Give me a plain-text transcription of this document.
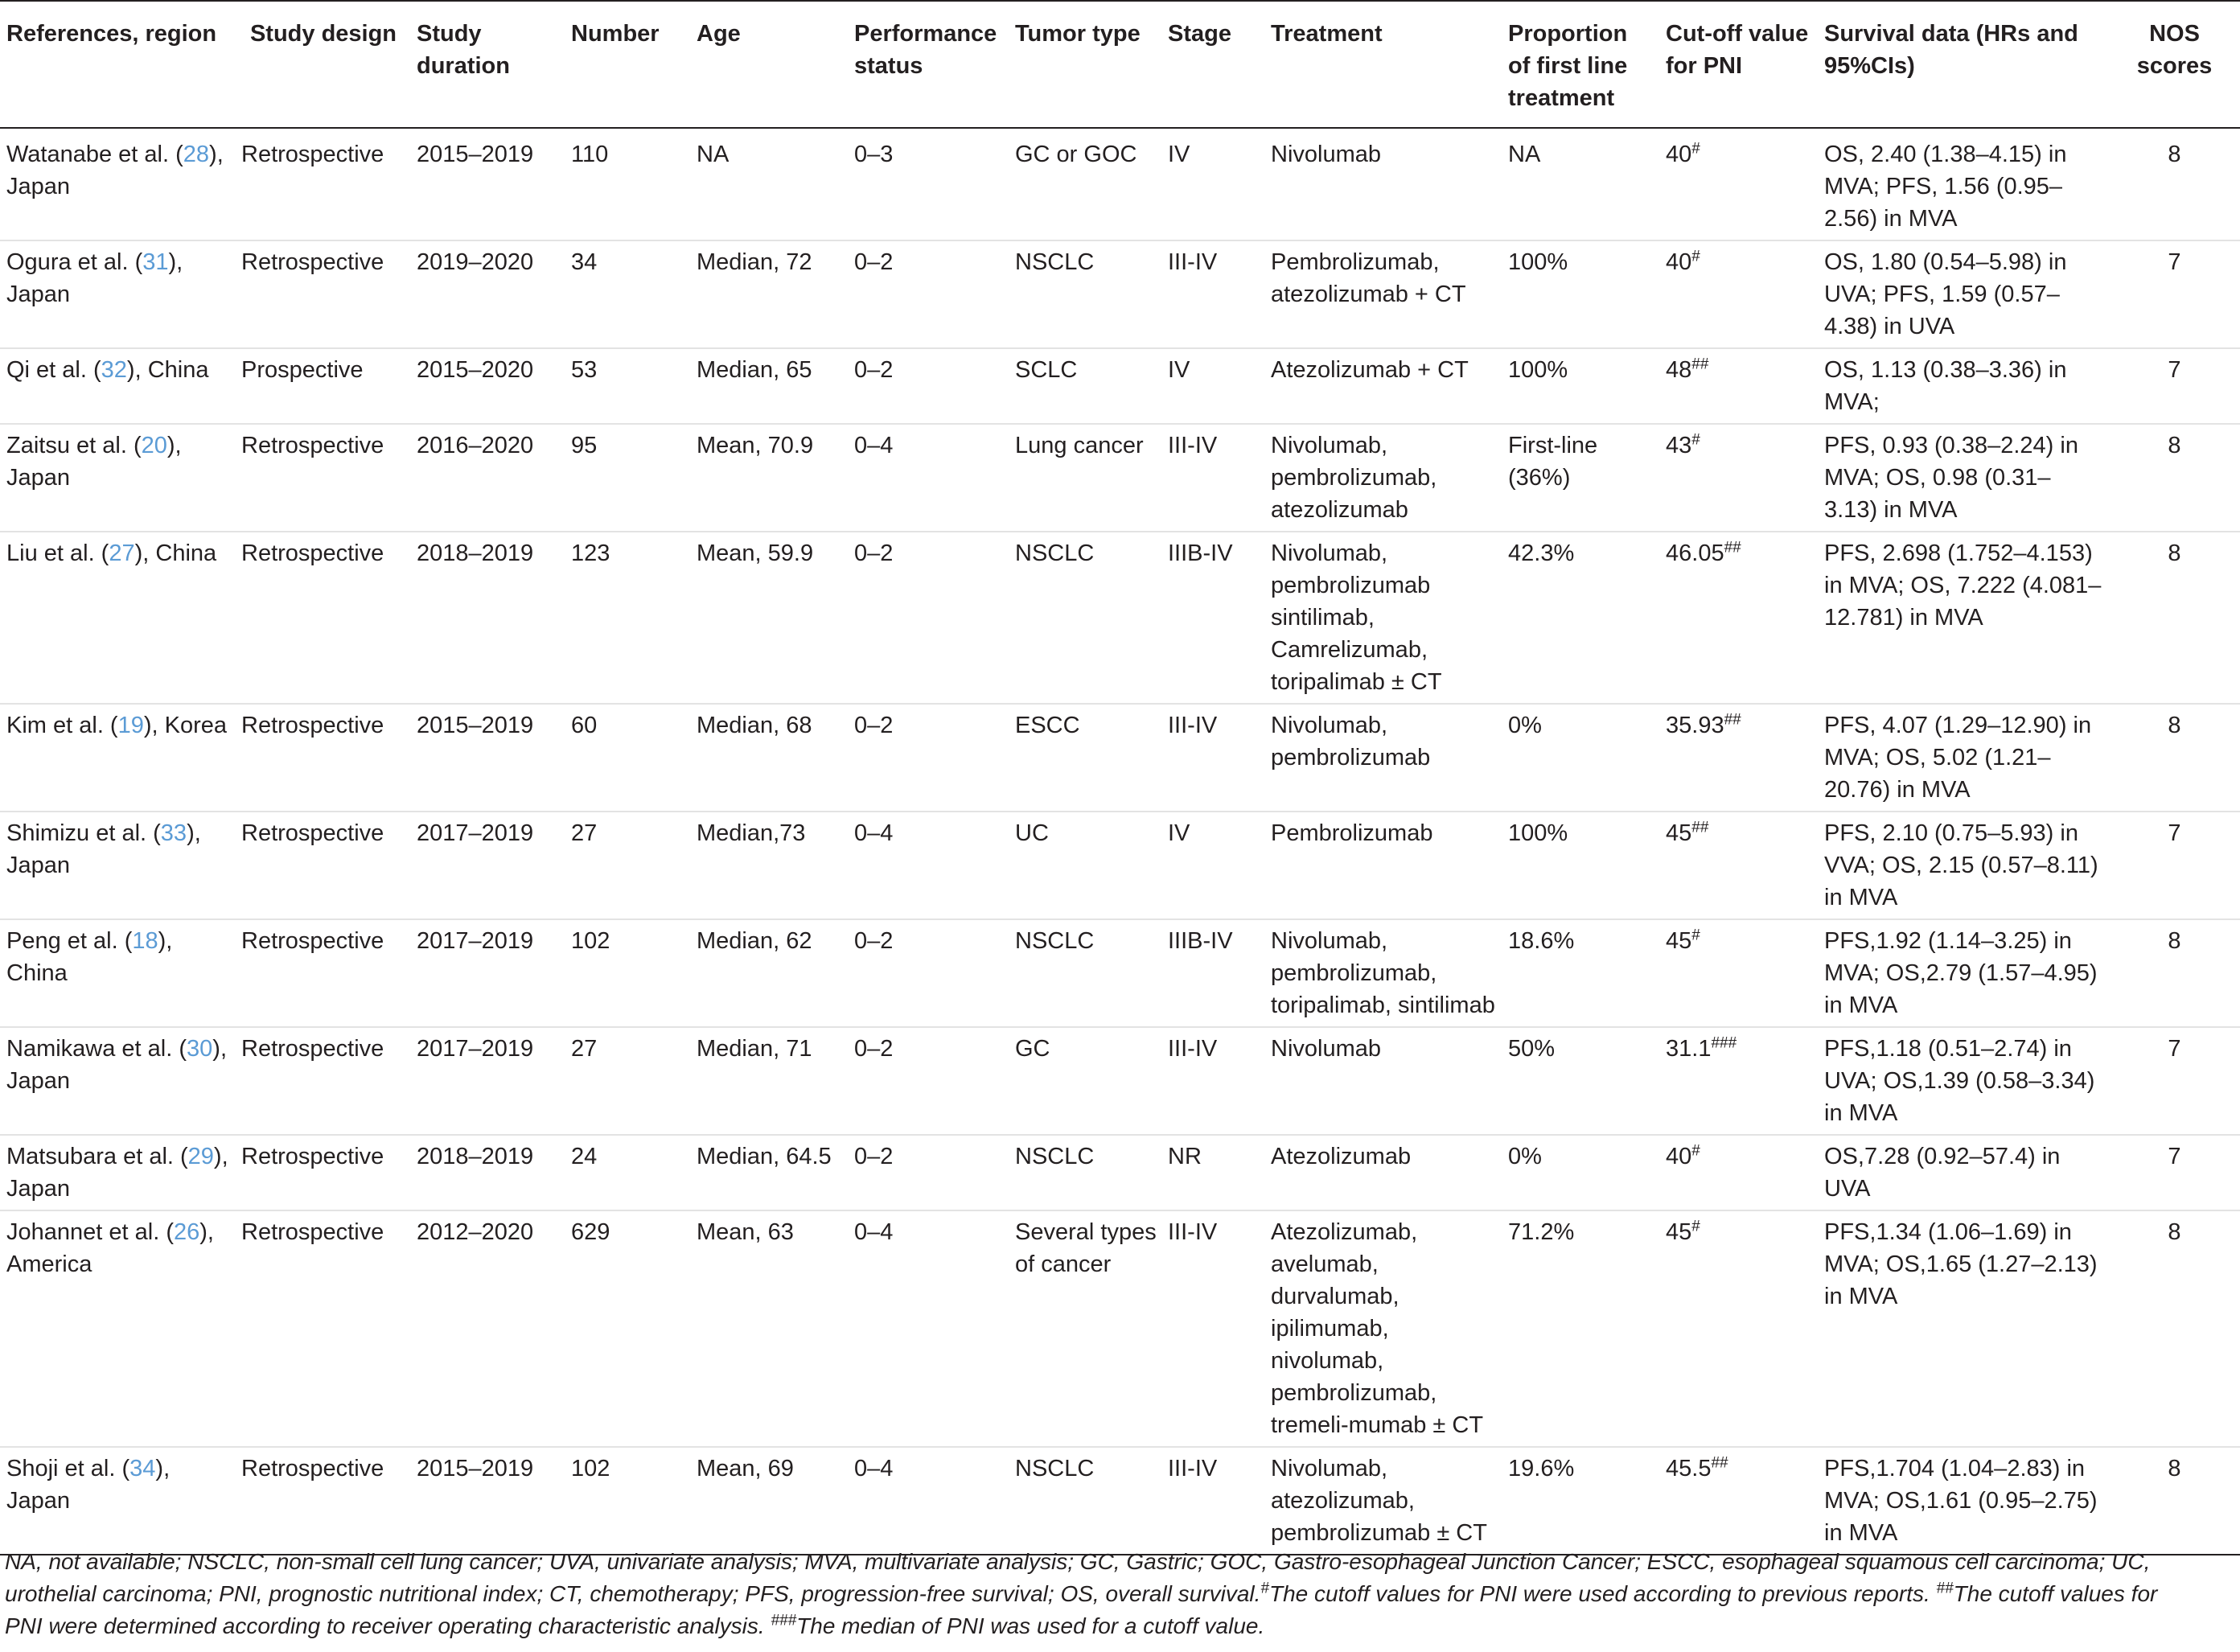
References, region	Study design	Study duration	Number	Age	Performance status	Tumor type	Stage	Treatment	Proportion of first line treatment	Cut-off value for PNI	Survival data (HRs and 95%CIs)	NOS scores
Watanabe et al. (28), Japan	Retrospective	2015–2019	110	NA	0–3	GC or GOC	IV	Nivolumab	NA	40#	OS, 2.40 (1.38–4.15) in MVA; PFS, 1.56 (0.95–2.56) in MVA	8
Ogura et al. (31), Japan	Retrospective	2019–2020	34	Median, 72	0–2	NSCLC	III-IV	Pembrolizumab, atezolizumab + CT	100%	40#	OS, 1.80 (0.54–5.98) in UVA; PFS, 1.59 (0.57–4.38) in UVA	7
Qi et al. (32), China	Prospective	2015–2020	53	Median, 65	0–2	SCLC	IV	Atezolizumab + CT	100%	48##	OS, 1.13 (0.38–3.36) in MVA;	7
Zaitsu et al. (20), Japan	Retrospective	2016–2020	95	Mean, 70.9	0–4	Lung cancer	III-IV	Nivolumab, pembrolizumab, atezolizumab	First-line (36%)	43#	PFS, 0.93 (0.38–2.24) in MVA; OS, 0.98 (0.31–3.13) in MVA	8
Liu et al. (27), China	Retrospective	2018–2019	123	Mean, 59.9	0–2	NSCLC	IIIB-IV	Nivolumab, pembrolizumab sintilimab, Camrelizumab, toripalimab ± CT	42.3%	46.05##	PFS, 2.698 (1.752–4.153) in MVA; OS, 7.222 (4.081–12.781) in MVA	8
Kim et al. (19), Korea	Retrospective	2015–2019	60	Median, 68	0–2	ESCC	III-IV	Nivolumab, pembrolizumab	0%	35.93##	PFS, 4.07 (1.29–12.90) in MVA; OS, 5.02 (1.21–20.76) in MVA	8
Shimizu et al. (33), Japan	Retrospective	2017–2019	27	Median,73	0–4	UC	IV	Pembrolizumab	100%	45##	PFS, 2.10 (0.75–5.93) in VVA; OS, 2.15 (0.57–8.11) in MVA	7
Peng et al. (18), China	Retrospective	2017–2019	102	Median, 62	0–2	NSCLC	IIIB-IV	Nivolumab, pembrolizumab, toripalimab, sintilimab	18.6%	45#	PFS,1.92 (1.14–3.25) in MVA; OS,2.79 (1.57–4.95) in MVA	8
Namikawa et al. (30), Japan	Retrospective	2017–2019	27	Median, 71	0–2	GC	III-IV	Nivolumab	50%	31.1###	PFS,1.18 (0.51–2.74) in UVA; OS,1.39 (0.58–3.34) in MVA	7
Matsubara et al. (29), Japan	Retrospective	2018–2019	24	Median, 64.5	0–2	NSCLC	NR	Atezolizumab	0%	40#	OS,7.28 (0.92–57.4) in UVA	7
Johannet et al. (26), America	Retrospective	2012–2020	629	Mean, 63	0–4	Several types of cancer	III-IV	Atezolizumab, avelumab, durvalumab, ipilimumab, nivolumab, pembrolizumab, tremeli-mumab ± CT	71.2%	45#	PFS,1.34 (1.06–1.69) in MVA; OS,1.65 (1.27–2.13) in MVA	8
Shoji et al. (34), Japan	Retrospective	2015–2019	102	Mean, 69	0–4	NSCLC	III-IV	Nivolumab, atezolizumab, pembrolizumab ± CT	19.6%	45.5##	PFS,1.704 (1.04–2.83) in MVA; OS,1.61 (0.95–2.75) in MVA	8
NA, not available; NSCLC, non-small cell lung cancer; UVA, univariate analysis; MVA, multivariate analysis; GC, Gastric; GOC, Gastro-esophageal Junction Cancer; ESCC, esophageal squamous cell carcinoma; UC, urothelial carcinoma; PNI, prognostic nutritional index; CT, chemotherapy; PFS, progression-free survival; OS, overall survival.#The cutoff values for PNI were used according to previous reports. ##The cutoff values for PNI were determined according to receiver operating characteristic analysis. ###The median of PNI was used for a cutoff value.
